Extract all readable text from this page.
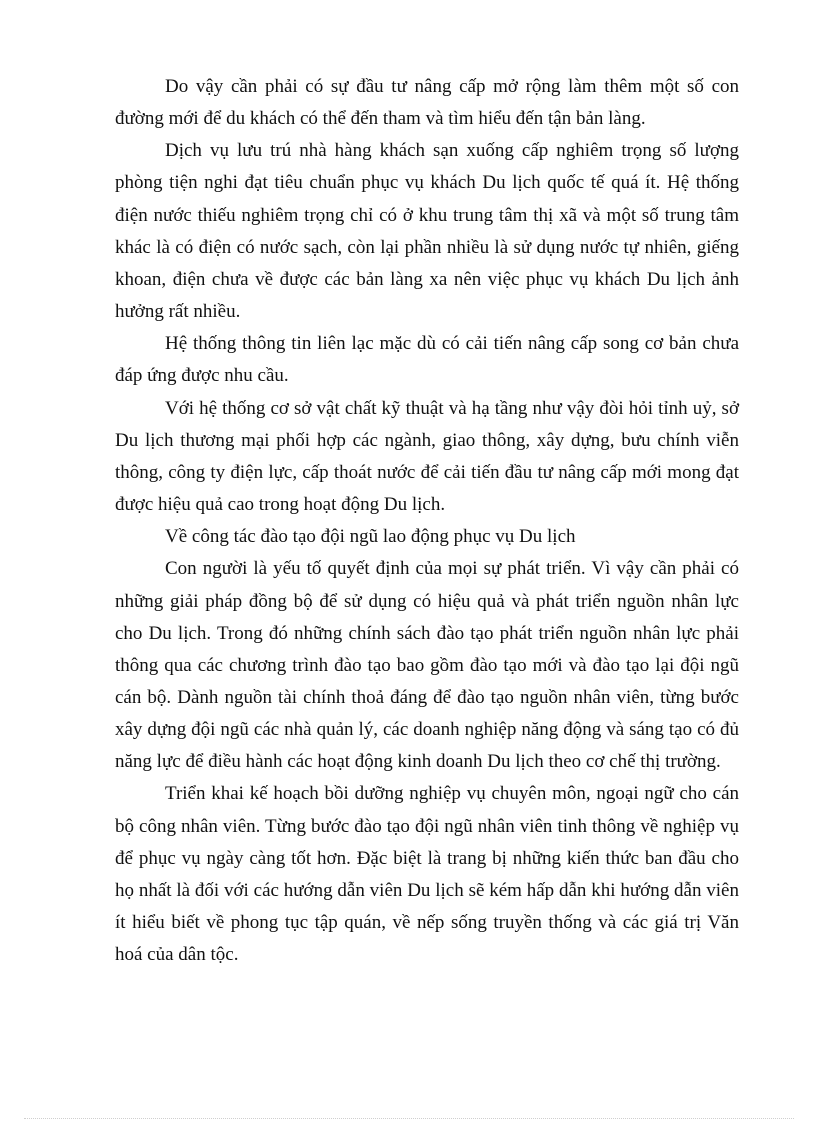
Do vậy cần phải có sự đầu tư nâng cấp mở rộng làm thêm một số con đường mới để du khách có thể đến tham và tìm hiểu đến tận bản làng.

Dịch vụ lưu trú nhà hàng khách sạn xuống cấp nghiêm trọng số lượng phòng tiện nghi đạt tiêu chuẩn phục vụ khách Du lịch quốc tế quá ít. Hệ thống điện nước thiếu nghiêm trọng chỉ có ở khu trung tâm thị xã và một số trung tâm khác là có điện có nước sạch, còn lại phần nhiều là sử dụng nước tự nhiên, giếng khoan, điện chưa về được các bản làng xa nên việc phục vụ khách Du lịch ảnh hưởng rất nhiều.

Hệ thống thông tin liên lạc mặc dù có cải tiến nâng cấp song cơ bản chưa đáp ứng được nhu cầu.

Với hệ thống cơ sở vật chất kỹ thuật và hạ tầng như vậy đòi hỏi tỉnh uỷ, sở Du lịch thương mại phối hợp các ngành, giao thông, xây dựng, bưu chính viễn thông, công ty điện lực, cấp thoát nước để cải tiến đầu tư nâng cấp mới mong đạt được hiệu quả cao trong hoạt động Du lịch.

Về công tác đào tạo đội ngũ lao động phục vụ Du lịch

Con người là yếu tố quyết định của mọi sự phát triển. Vì vậy cần phải có những giải pháp đồng bộ để sử dụng có hiệu quả và phát triển nguồn nhân lực cho Du lịch. Trong đó những chính sách đào tạo phát triển nguồn nhân lực phải thông qua các chương trình đào tạo bao gồm đào tạo mới và đào tạo lại đội ngũ cán bộ. Dành nguồn tài chính thoả đáng để đào tạo nguồn nhân viên, từng bước xây dựng đội ngũ các nhà quản lý, các doanh nghiệp năng động và sáng tạo có đủ năng lực để điều hành các hoạt động kinh doanh Du lịch theo cơ chế thị trường.

Triển khai kế hoạch bồi dưỡng nghiệp vụ chuyên môn, ngoại ngữ cho cán bộ công nhân viên. Từng bước đào tạo đội ngũ nhân viên tinh thông về nghiệp vụ để phục vụ ngày càng tốt hơn. Đặc biệt là trang bị những kiến thức ban đầu cho họ nhất là đối với các hướng dẫn viên Du lịch sẽ kém hấp dẫn khi hướng dẫn viên ít hiểu biết về phong tục tập quán, về nếp sống truyền thống và các giá trị Văn hoá của dân tộc.
